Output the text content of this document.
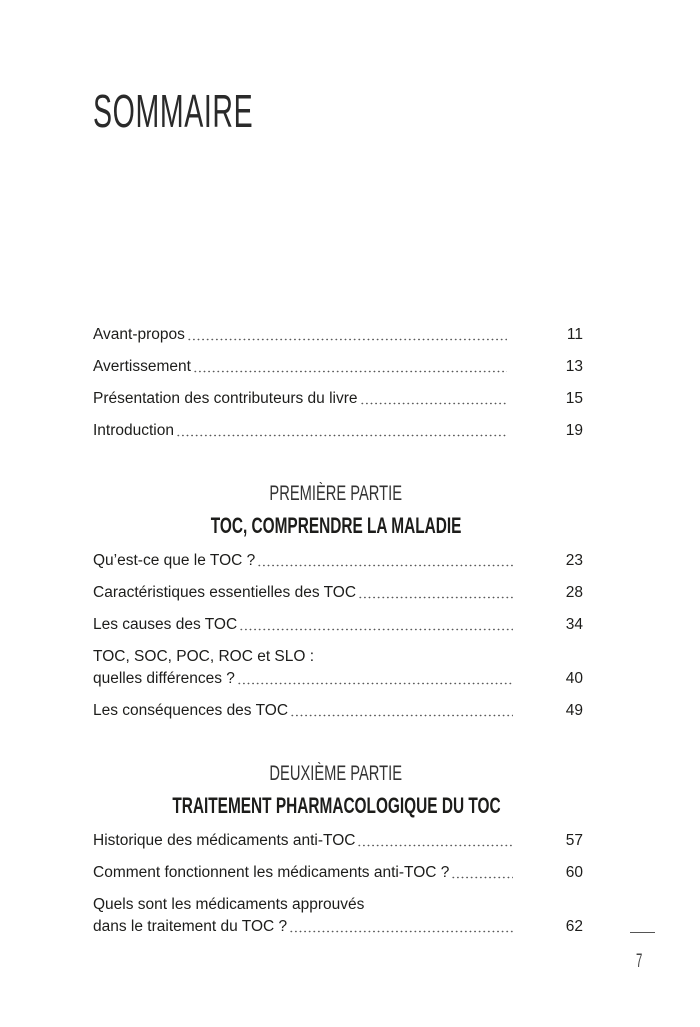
SOMMAIRE
Avant-propos	11
Avertissement	13
Présentation des contributeurs du livre	15
Introduction	19
PREMIÈRE PARTIE
TOC, COMPRENDRE LA MALADIE
Qu’est-ce que le TOC ?	23
Caractéristiques essentielles des TOC	28
Les causes des TOC	34
TOC, SOC, POC, ROC et SLO :
quelles différences ?	40
Les conséquences des TOC	49
DEUXIÈME PARTIE
TRAITEMENT PHARMACOLOGIQUE DU TOC
Historique des médicaments anti-TOC	57
Comment fonctionnent les médicaments anti-TOC ?	60
Quels sont les médicaments approuvés
dans le traitement du TOC ?	62
7
